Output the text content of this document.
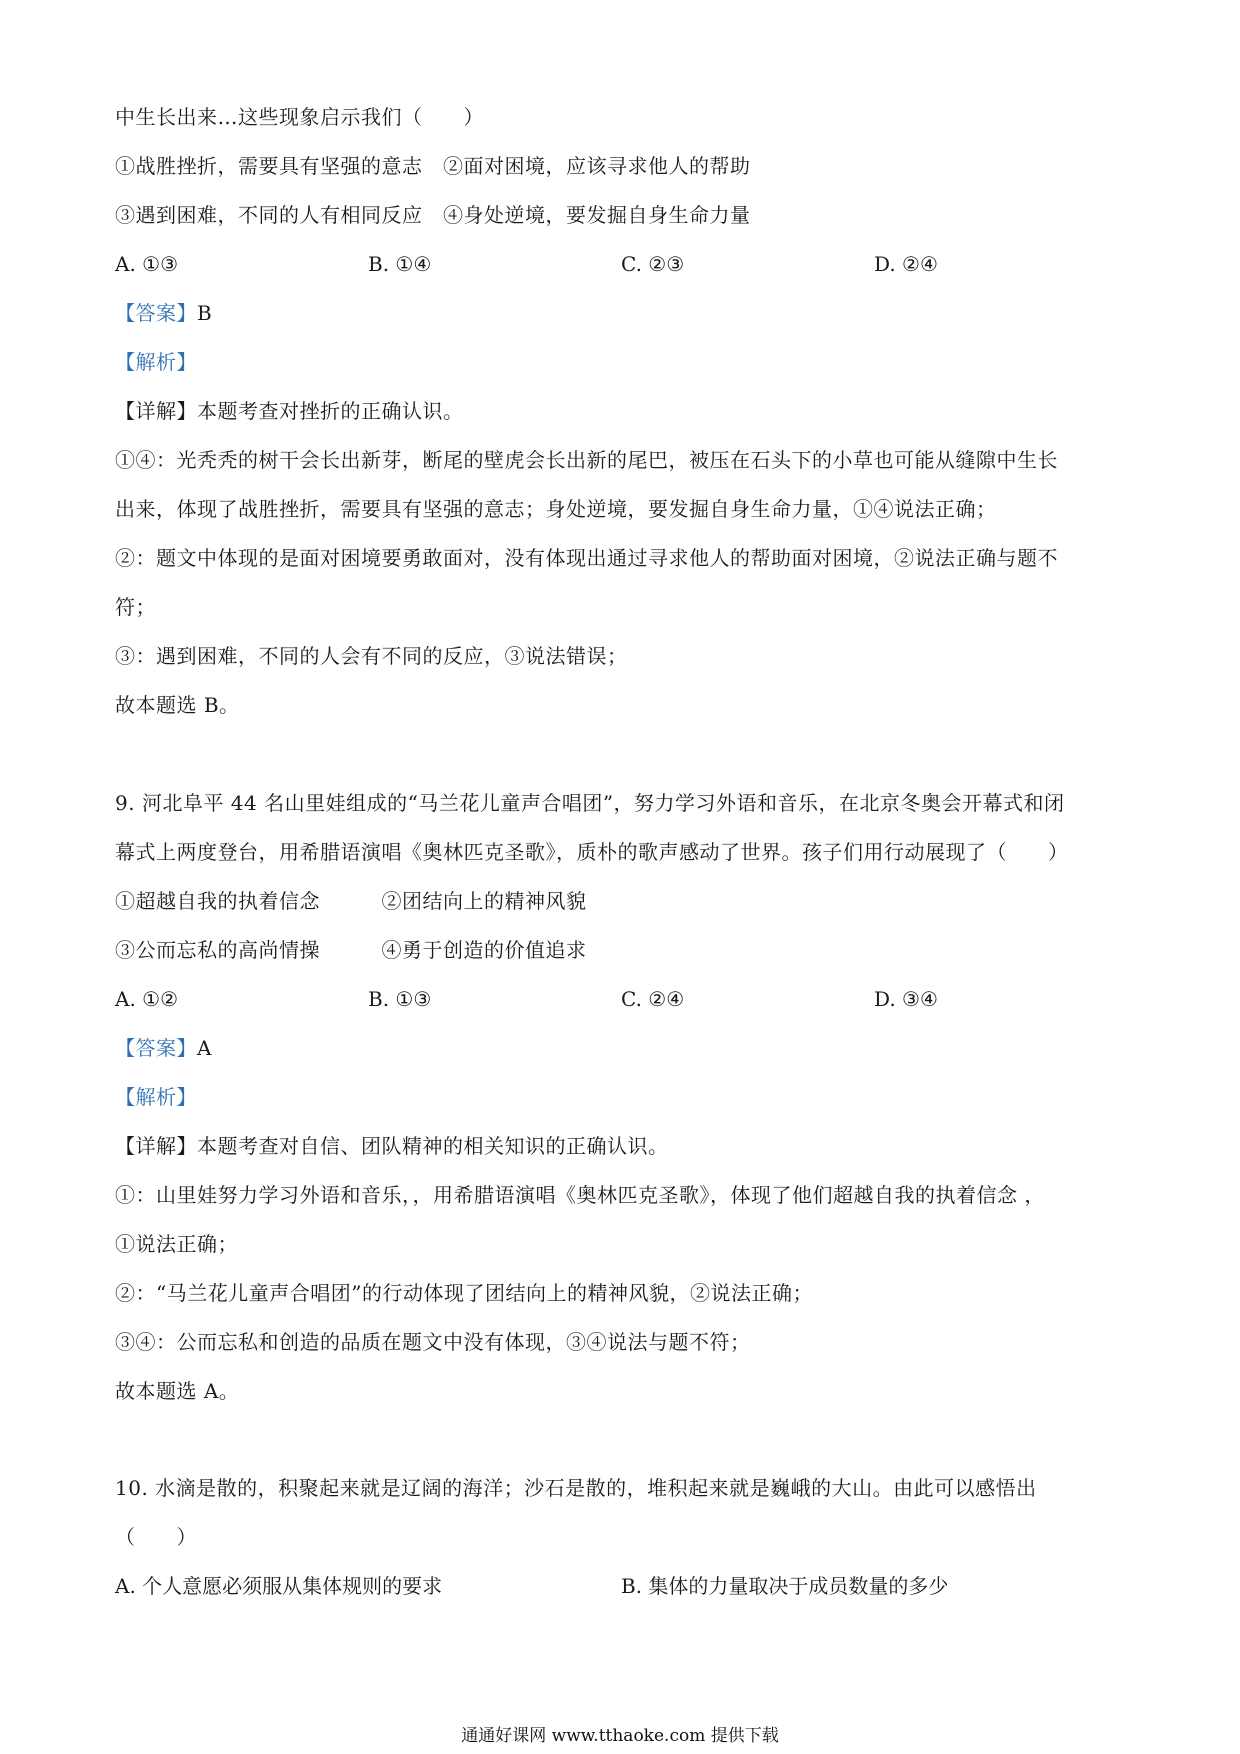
中生长出来…这些现象启示我们（　　）
①战胜挫折，需要具有坚强的意志　②面对困境，应该寻求他人的帮助
③遇到困难，不同的人有相同反应　④身处逆境，要发掘自身生命力量
A. ①③	B. ①④	C. ②③	D. ②④
【答案】B
【解析】
【详解】本题考查对挫折的正确认识。
①④：光秃秃的树干会长出新芽，断尾的壁虎会长出新的尾巴，被压在石头下的小草也可能从缝隙中生长
出来，体现了战胜挫折，需要具有坚强的意志；身处逆境，要发掘自身生命力量，①④说法正确；
②：题文中体现的是面对困境要勇敢面对，没有体现出通过寻求他人的帮助面对困境，②说法正确与题不
符；
③：遇到困难，不同的人会有不同的反应，③说法错误；
故本题选 B。
9. 河北阜平 44 名山里娃组成的“马兰花儿童声合唱团”，努力学习外语和音乐，在北京冬奥会开幕式和闭
幕式上两度登台，用希腊语演唱《奥林匹克圣歌》，质朴的歌声感动了世界。孩子们用行动展现了（　　）
①超越自我的执着信念　　　②团结向上的精神风貌
③公而忘私的高尚情操　　　④勇于创造的价值追求
A. ①②	B. ①③	C. ②④	D. ③④
【答案】A
【解析】
【详解】本题考查对自信、团队精神的相关知识的正确认识。
①：山里娃努力学习外语和音乐，，用希腊语演唱《奥林匹克圣歌》，体现了他们超越自我的执着信念 ，
①说法正确；
②：“马兰花儿童声合唱团”的行动体现了团结向上的精神风貌，②说法正确；
③④：公而忘私和创造的品质在题文中没有体现，③④说法与题不符；
故本题选 A。
10. 水滴是散的，积聚起来就是辽阔的海洋；沙石是散的，堆积起来就是巍峨的大山。由此可以感悟出
（　　）
A. 个人意愿必须服从集体规则的要求	B. 集体的力量取决于成员数量的多少
通通好课网 www.tthaoke.com 提供下载
